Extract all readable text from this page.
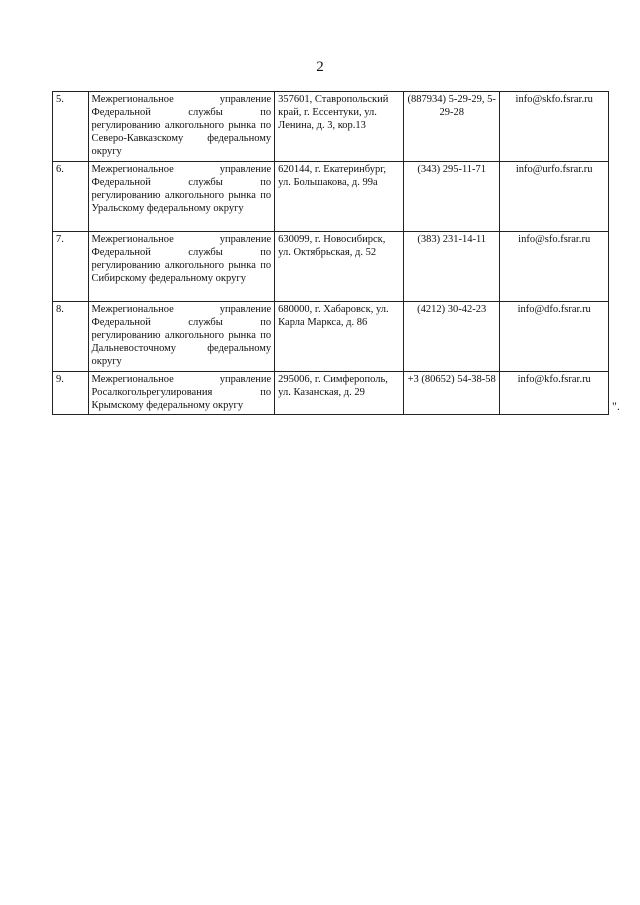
2
5.	Межрегиональное управление Федеральной службы по регулированию алкогольного рынка по Северо-Кавказскому федеральному округу	357601, Ставропольский край, г. Ессентуки, ул. Ленина, д. 3, кор.13	(887934) 5-29-29, 5-29-28	info@skfo.fsrar.ru
6.	Межрегиональное управление Федеральной службы по регулированию алкогольного рынка по Уральскому федеральному округу	620144, г. Екатеринбург, ул. Большакова, д. 99а	(343) 295-11-71	info@urfo.fsrar.ru
7.	Межрегиональное управление Федеральной службы по регулированию алкогольного рынка по Сибирскому федеральному округу	630099, г. Новосибирск, ул. Октябрьская, д. 52	(383) 231-14-11	info@sfo.fsrar.ru
8.	Межрегиональное управление Федеральной службы по регулированию алкогольного рынка по Дальневосточному федеральному округу	680000, г. Хабаровск, ул. Карла Маркса, д. 86	(4212) 30-42-23	info@dfo.fsrar.ru
9.	Межрегиональное управление Росалкогольрегулирования по Крымскому федеральному округу	295006, г. Симферополь, ул. Казанская, д. 29	+3 (80652) 54-38-58	info@kfo.fsrar.ru
".
